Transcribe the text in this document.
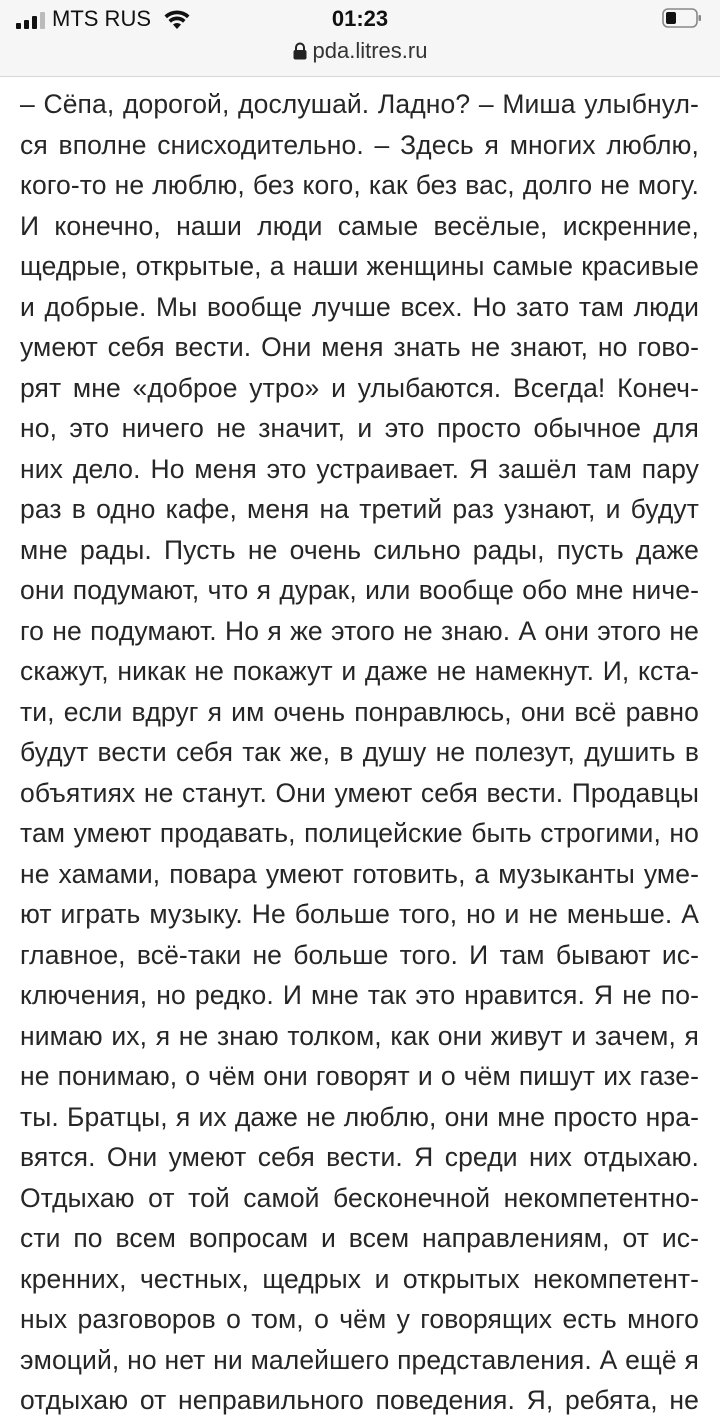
MTS RUS	01:23
pda.litres.ru
– Сёпа, дорогой, дослушай. Ладно? – Миша улыбнул-
ся вполне снисходительно. – Здесь я многих люблю,
кого-то не люблю, без кого, как без вас, долго не могу.
И конечно, наши люди самые весёлые, искренние,
щедрые, открытые, а наши женщины самые красивые
и добрые. Мы вообще лучше всех. Но зато там люди
умеют себя вести. Они меня знать не знают, но гово-
рят мне «доброе утро» и улыбаются. Всегда! Конеч-
но, это ничего не значит, и это просто обычное для
них дело. Но меня это устраивает. Я зашёл там пару
раз в одно кафе, меня на третий раз узнают, и будут
мне рады. Пусть не очень сильно рады, пусть даже
они подумают, что я дурак, или вообще обо мне ниче-
го не подумают. Но я же этого не знаю. А они этого не
скажут, никак не покажут и даже не намекнут. И, кста-
ти, если вдруг я им очень понравлюсь, они всё равно
будут вести себя так же, в душу не полезут, душить в
объятиях не станут. Они умеют себя вести. Продавцы
там умеют продавать, полицейские быть строгими, но
не хамами, повара умеют готовить, а музыканты уме-
ют играть музыку. Не больше того, но и не меньше. А
главное, всё-таки не больше того. И там бывают ис-
ключения, но редко. И мне так это нравится. Я не по-
нимаю их, я не знаю толком, как они живут и зачем, я
не понимаю, о чём они говорят и о чём пишут их газе-
ты. Братцы, я их даже не люблю, они мне просто нра-
вятся. Они умеют себя вести. Я среди них отдыхаю.
Отдыхаю от той самой бесконечной некомпетентно-
сти по всем вопросам и всем направлениям, от ис-
кренних, честных, щедрых и открытых некомпетент-
ных разговоров о том, о чём у говорящих есть много
эмоций, но нет ни малейшего представления. А ещё я
отдыхаю от неправильного поведения. Я, ребята, не
